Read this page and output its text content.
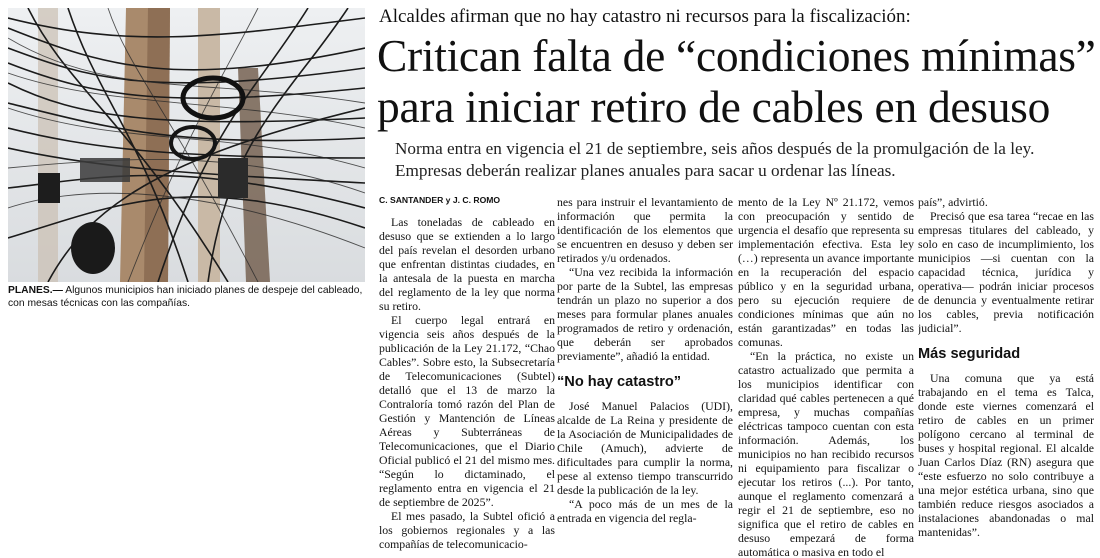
PLANES.— Algunos municipios han iniciado planes de despeje del cableado, con mesas técnicas con las compañías.
Alcaldes afirman que no hay catastro ni recursos para la fiscalización:
Critican falta de “condiciones mínimas”
para iniciar retiro de cables en desuso
Norma entra en vigencia el 21 de septiembre, seis años después de la promulgación de la ley. Empresas deberán realizar planes anuales para sacar u ordenar las líneas.
C. SANTANDER y J. C. ROMO

Las toneladas de cableado en desuso que se extienden a lo largo del país revelan el desorden urbano que enfrentan distintas ciudades, en la antesala de la puesta en marcha del reglamento de la ley que norma su retiro.

El cuerpo legal entrará en vigencia seis años después de la publicación de la Ley 21.172, “Chao Cables”. Sobre esto, la Subsecretaría de Telecomunicaciones (Subtel) detalló que el 13 de marzo la Contraloría tomó razón del Plan de Gestión y Mantención de Líneas Aéreas y Subterráneas de Telecomunicaciones, que el Diario Oficial publicó el 21 del mismo mes. “Según lo dictaminado, el reglamento entra en vigencia el 21 de septiembre de 2025”.

El mes pasado, la Subtel ofició a los gobiernos regionales y a las compañías de telecomunicacio-

nes para instruir el levantamiento de información que permita la identificación de los elementos que se encuentren en desuso y deben ser retirados y/u ordenados.

“Una vez recibida la información por parte de la Subtel, las empresas tendrán un plazo no superior a dos meses para formular planes anuales programados de retiro y ordenación, que deberán ser aprobados previamente”, añadió la entidad.

“No hay catastro”

José Manuel Palacios (UDI), alcalde de La Reina y presidente de la Asociación de Municipalidades de Chile (Amuch), advierte de dificultades para cumplir la norma, pese al extenso tiempo transcurrido desde la publicación de la ley.

“A poco más de un mes de la entrada en vigencia del regla-

mento de la Ley Nº 21.172, vemos con preocupación y sentido de urgencia el desafío que representa su implementación efectiva. Esta ley (…) representa un avance importante en la recuperación del espacio público y en la seguridad urbana, pero su ejecución requiere de condiciones mínimas que aún no están garantizadas” en todas las comunas.

“En la práctica, no existe un catastro actualizado que permita a los municipios identificar con claridad qué cables pertenecen a qué empresa, y muchas compañías eléctricas tampoco cuentan con esta información. Además, los municipios no han recibido recursos ni equipamiento para fiscalizar o ejecutar los retiros (...). Por tanto, aunque el reglamento comenzará a regir el 21 de septiembre, eso no significa que el retiro de cables en desuso empezará de forma automática o masiva en todo el

país”, advirtió.

Precisó que esa tarea “recae en las empresas titulares del cableado, y solo en caso de incumplimiento, los municipios —si cuentan con la capacidad técnica, jurídica y operativa— podrán iniciar procesos de denuncia y eventualmente retirar los cables, previa notificación judicial”.

Más seguridad

Una comuna que ya está trabajando en el tema es Talca, donde este viernes comenzará el retiro de cables en un primer polígono cercano al terminal de buses y hospital regional. El alcalde Juan Carlos Díaz (RN) asegura que “este esfuerzo no solo contribuye a una mejor estética urbana, sino que también reduce riesgos asociados a instalaciones abandonadas o mal mantenidas”.
